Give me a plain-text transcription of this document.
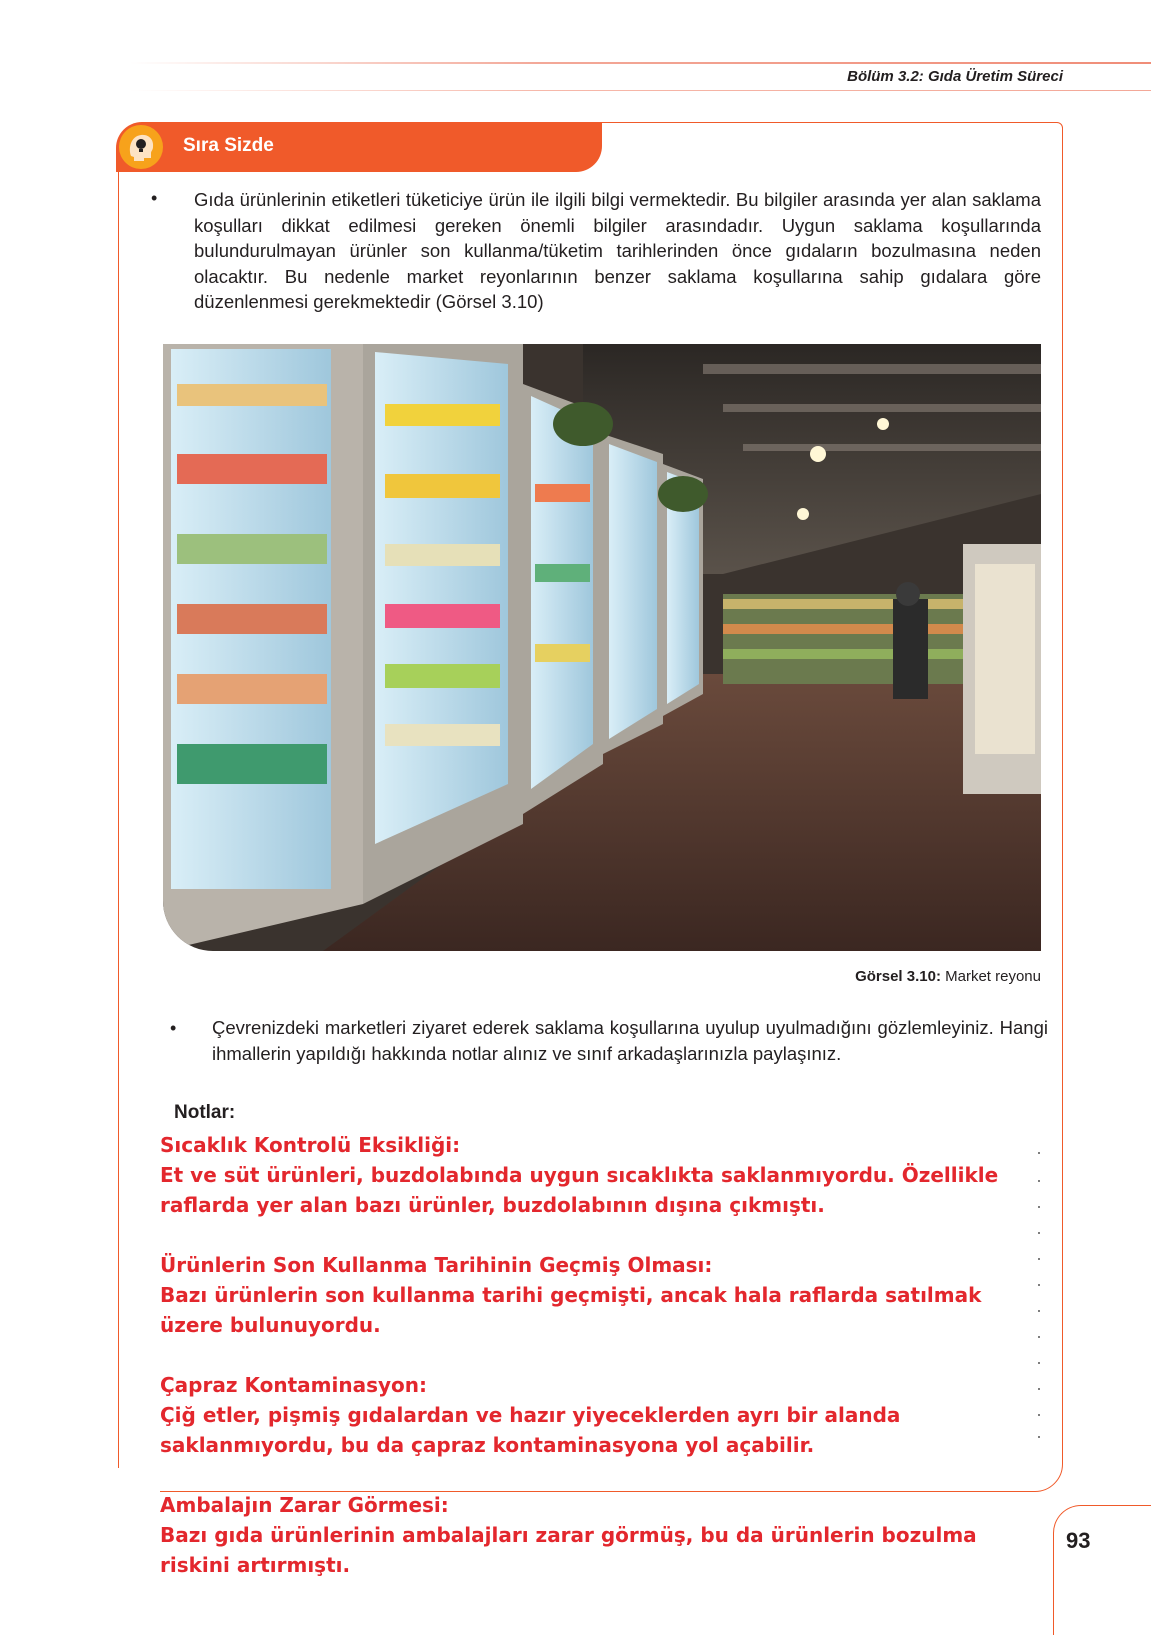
Bölüm 3.2: Gıda Üretim Süreci
Sıra Sizde
• Gıda ürünlerinin etiketleri tüketiciye ürün ile ilgili bilgi vermektedir. Bu bilgiler arasında yer alan saklama koşulları dikkat edilmesi gereken önemli bilgiler arasındadır. Uygun saklama koşullarında bulundurulmayan ürünler son kullanma/tüketim tarihlerinden önce gıdaların bozulmasına neden olacaktır. Bu nedenle market reyonlarının benzer saklama koşullarına sahip gıdalara göre düzenlenmesi gerekmektedir (Görsel 3.10)
Görsel 3.10: Market reyonu
• Çevrenizdeki marketleri ziyaret ederek saklama koşullarına uyulup uyulmadığını gözlemleyiniz. Hangi ihmallerin yapıldığı hakkında notlar alınız ve sınıf arkadaşlarınızla paylaşınız.
Notlar:
Sıcaklık Kontrolü Eksikliği:
Et ve süt ürünleri, buzdolabında uygun sıcaklıkta saklanmıyordu. Özellikle raflarda yer alan bazı ürünler, buzdolabının dışına çıkmıştı.
Ürünlerin Son Kullanma Tarihinin Geçmiş Olması:
Bazı ürünlerin son kullanma tarihi geçmişti, ancak hala raflarda satılmak üzere bulunuyordu.
Çapraz Kontaminasyon:
Çiğ etler, pişmiş gıdalardan ve hazır yiyeceklerden ayrı bir alanda saklanmıyordu, bu da çapraz kontaminasyona yol açabilir.
Ambalajın Zarar Görmesi:
Bazı gıda ürünlerinin ambalajları zarar görmüş, bu da ürünlerin bozulma riskini artırmıştı.
93
